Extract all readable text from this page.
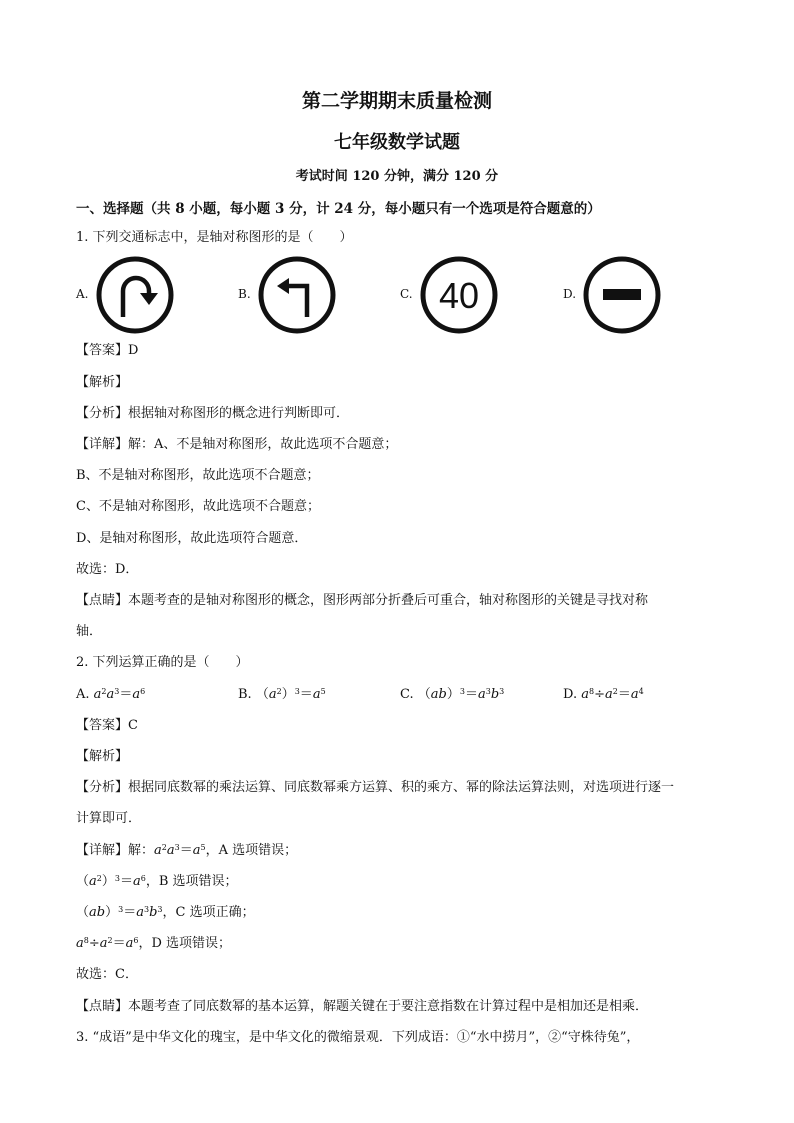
第二学期期末质量检测
七年级数学试题
考试时间 120 分钟，满分 120 分
一、选择题（共 8 小题，每小题 3 分，计 24 分，每小题只有一个选项是符合题意的）
1. 下列交通标志中，是轴对称图形的是（　　）
A.	B.	C. 40	D.
【答案】D
【解析】
【分析】根据轴对称图形的概念进行判断即可．
【详解】解：A、不是轴对称图形，故此选项不合题意；
B、不是轴对称图形，故此选项不合题意；
C、不是轴对称图形，故此选项不合题意；
D、是轴对称图形，故此选项符合题意．
故选：D．
【点睛】本题考查的是轴对称图形的概念，图形两部分折叠后可重合，轴对称图形的关键是寻找对称
轴．
2. 下列运算正确的是（　　）
A. $a^2a^3=a^6$	B. $(a^2)^3=a^5$	C. $(ab)^3=a^3b^3$	D. $a^8\div a^2=a^4$
【答案】C
【解析】
【分析】根据同底数幂的乘法运算、同底数幂乘方运算、积的乘方、幂的除法运算法则，对选项进行逐一
计算即可．
【详解】解：$a^2a^3=a^5$，A 选项错误；
$(a^2)^3=a^6$，B 选项错误；
$(ab)^3=a^3b^3$，C 选项正确；
$a^8\div a^2=a^6$，D 选项错误；
故选：C．
【点睛】本题考查了同底数幂的基本运算，解题关键在于要注意指数在计算过程中是相加还是相乘．
3. “成语”是中华文化的瑰宝，是中华文化的微缩景观．下列成语：①“水中捞月”，②“守株待兔”，
